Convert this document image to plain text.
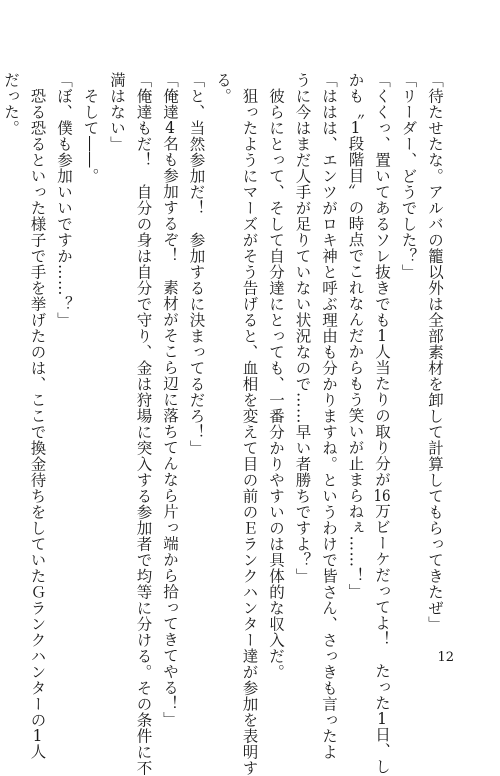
「待たせたな。アルバの籠以外は全部素材を卸して計算してもらってきたぜ」

「リーダー、どうでした？」

「くくっ、置いてあるソレ抜きでも1人当たりの取り分が16万ビーケだってよ！　たった1日、し

かも〝1段階目〟の時点でこれなんだからもう笑いが止まらねぇ……！」

「ははは、エンツがロキ神と呼ぶ理由も分かりますね。というわけで皆さん、さっきも言ったよ

うに今はまだ人手が足りていない状況なので……早い者勝ちですよ？」

　彼らにとって、そして自分達にとっても、一番分かりやすいのは具体的な収入だ。

　狙ったようにマーズがそう告げると、血相を変えて目の前のＥランクハンター達が参加を表明す

る。

「と、当然参加だ！　参加するに決まってるだろ！」

「俺達4名も参加するぞ！　素材がそこら辺に落ちてんなら片っ端から拾ってきてやる！」

「俺達もだ！　自分の身は自分で守り、金は狩場に突入する参加者で均等に分ける。その条件に不

満はない」

　そして――。

「ぼ、僕も参加いいですか……？」

　恐る恐るといった様子で手を挙げたのは、ここで換金待ちをしていたＧランクハンターの1人

だった。

12
